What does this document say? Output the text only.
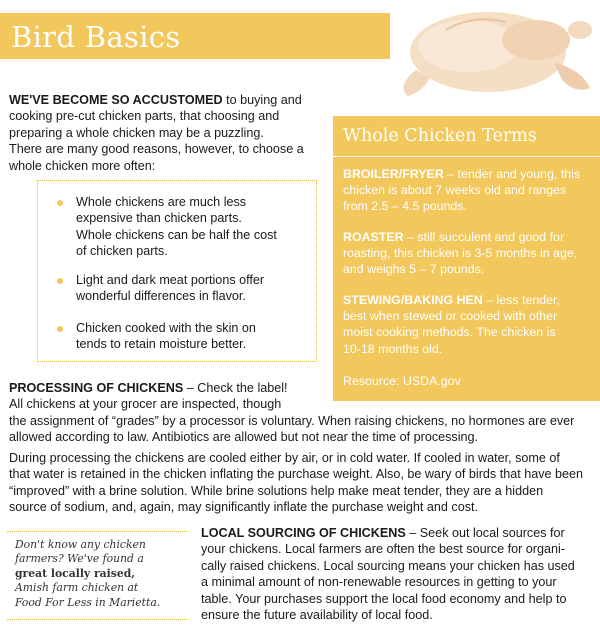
Bird Basics
WE'VE BECOME SO ACCUSTOMED to buying and
cooking pre-cut chicken parts, that choosing and
preparing a whole chicken may be a puzzling.
There are many good reasons, however, to choose a
whole chicken more often:
Whole chickens are much less
expensive than chicken parts.
Whole chickens can be half the cost
of chicken parts.
Light and dark meat portions offer
wonderful differences in flavor.
Chicken cooked with the skin on
tends to retain moisture better.
Whole Chicken Terms
BROILER/FRYER – tender and young, this
chicken is about 7 weeks old and ranges
from 2.5 – 4.5 pounds.
ROASTER – still succulent and good for
roasting, this chicken is 3-5 months in age,
and weighs 5 – 7 pounds.
STEWING/BAKING HEN – less tender,
best when stewed or cooked with other
moist cooking methods. The chicken is
10-18 months old.
Resource: USDA.gov
PROCESSING OF CHICKENS – Check the label!
All chickens at your grocer are inspected, though
the assignment of “grades” by a processor is voluntary. When raising chickens, no hormones are ever
allowed according to law. Antibiotics are allowed but not near the time of processing.
During processing the chickens are cooled either by air, or in cold water. If cooled in water, some of
that water is retained in the chicken inflating the purchase weight. Also, be wary of birds that have been
“improved” with a brine solution. While brine solutions help make meat tender, they are a hidden
source of sodium, and, again, may significantly inflate the purchase weight and cost.
Don't know any chicken
farmers? We've found a
great locally raised,
Amish farm chicken at
Food For Less in Marietta.
LOCAL SOURCING OF CHICKENS – Seek out local sources for
your chickens. Local farmers are often the best source for organi-
cally raised chickens. Local sourcing means your chicken has used
a minimal amount of non-renewable resources in getting to your
table. Your purchases support the local food economy and help to
ensure the future availability of local food.
